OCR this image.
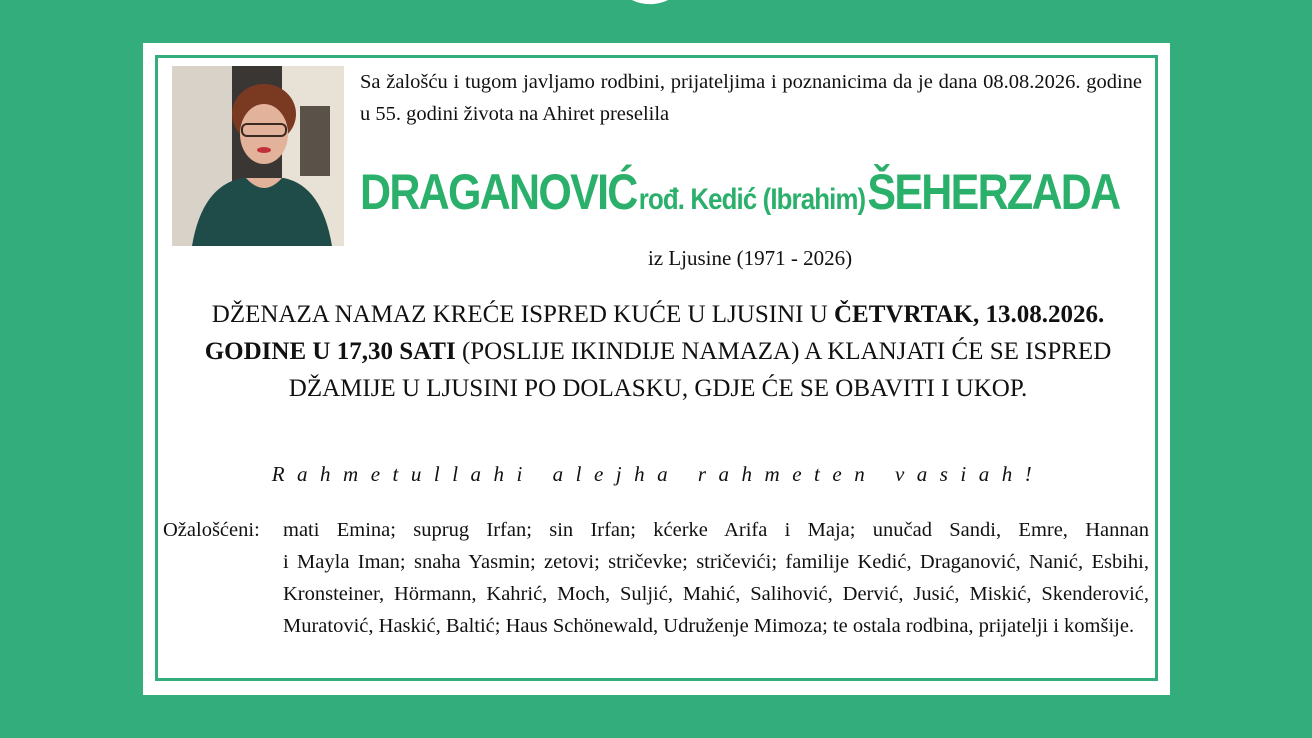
Sa žalošću i tugom javljamo rodbini, prijateljima i poznanicima da je dana 08.08.2026. godine u 55. godini života na Ahiret preselila
DRAGANOVIĆ rođ. Kedić (Ibrahim) ŠEHERZADA
iz Ljusine (1971 - 2026)
DŽENAZA NAMAZ KREĆE ISPRED KUĆE U LJUSINI U ČETVRTAK, 13.08.2026. GODINE U 17,30 SATI (POSLIJE IKINDIJE NAMAZA) A KLANJATI ĆE SE ISPRED DŽAMIJE U LJUSINI PO DOLASKU, GDJE ĆE SE OBAVITI I UKOP.
Rahmetullahi alejha rahmeten vasiah!
Ožalošćeni:	mati Emina; suprug Irfan; sin Irfan; kćerke Arifa i Maja; unučad Sandi, Emre, Hannan
i Mayla Iman; snaha Yasmin; zetovi; stričevke; stričevići; familije Kedić, Draganović, Nanić, Esbihi, Kronsteiner, Hörmann, Kahrić, Moch, Suljić, Mahić, Salihović, Dervić, Jusić, Miskić, Skenderović, Muratović, Haskić, Baltić; Haus Schönewald, Udruženje Mimoza; te ostala rodbina, prijatelji i komšije.
